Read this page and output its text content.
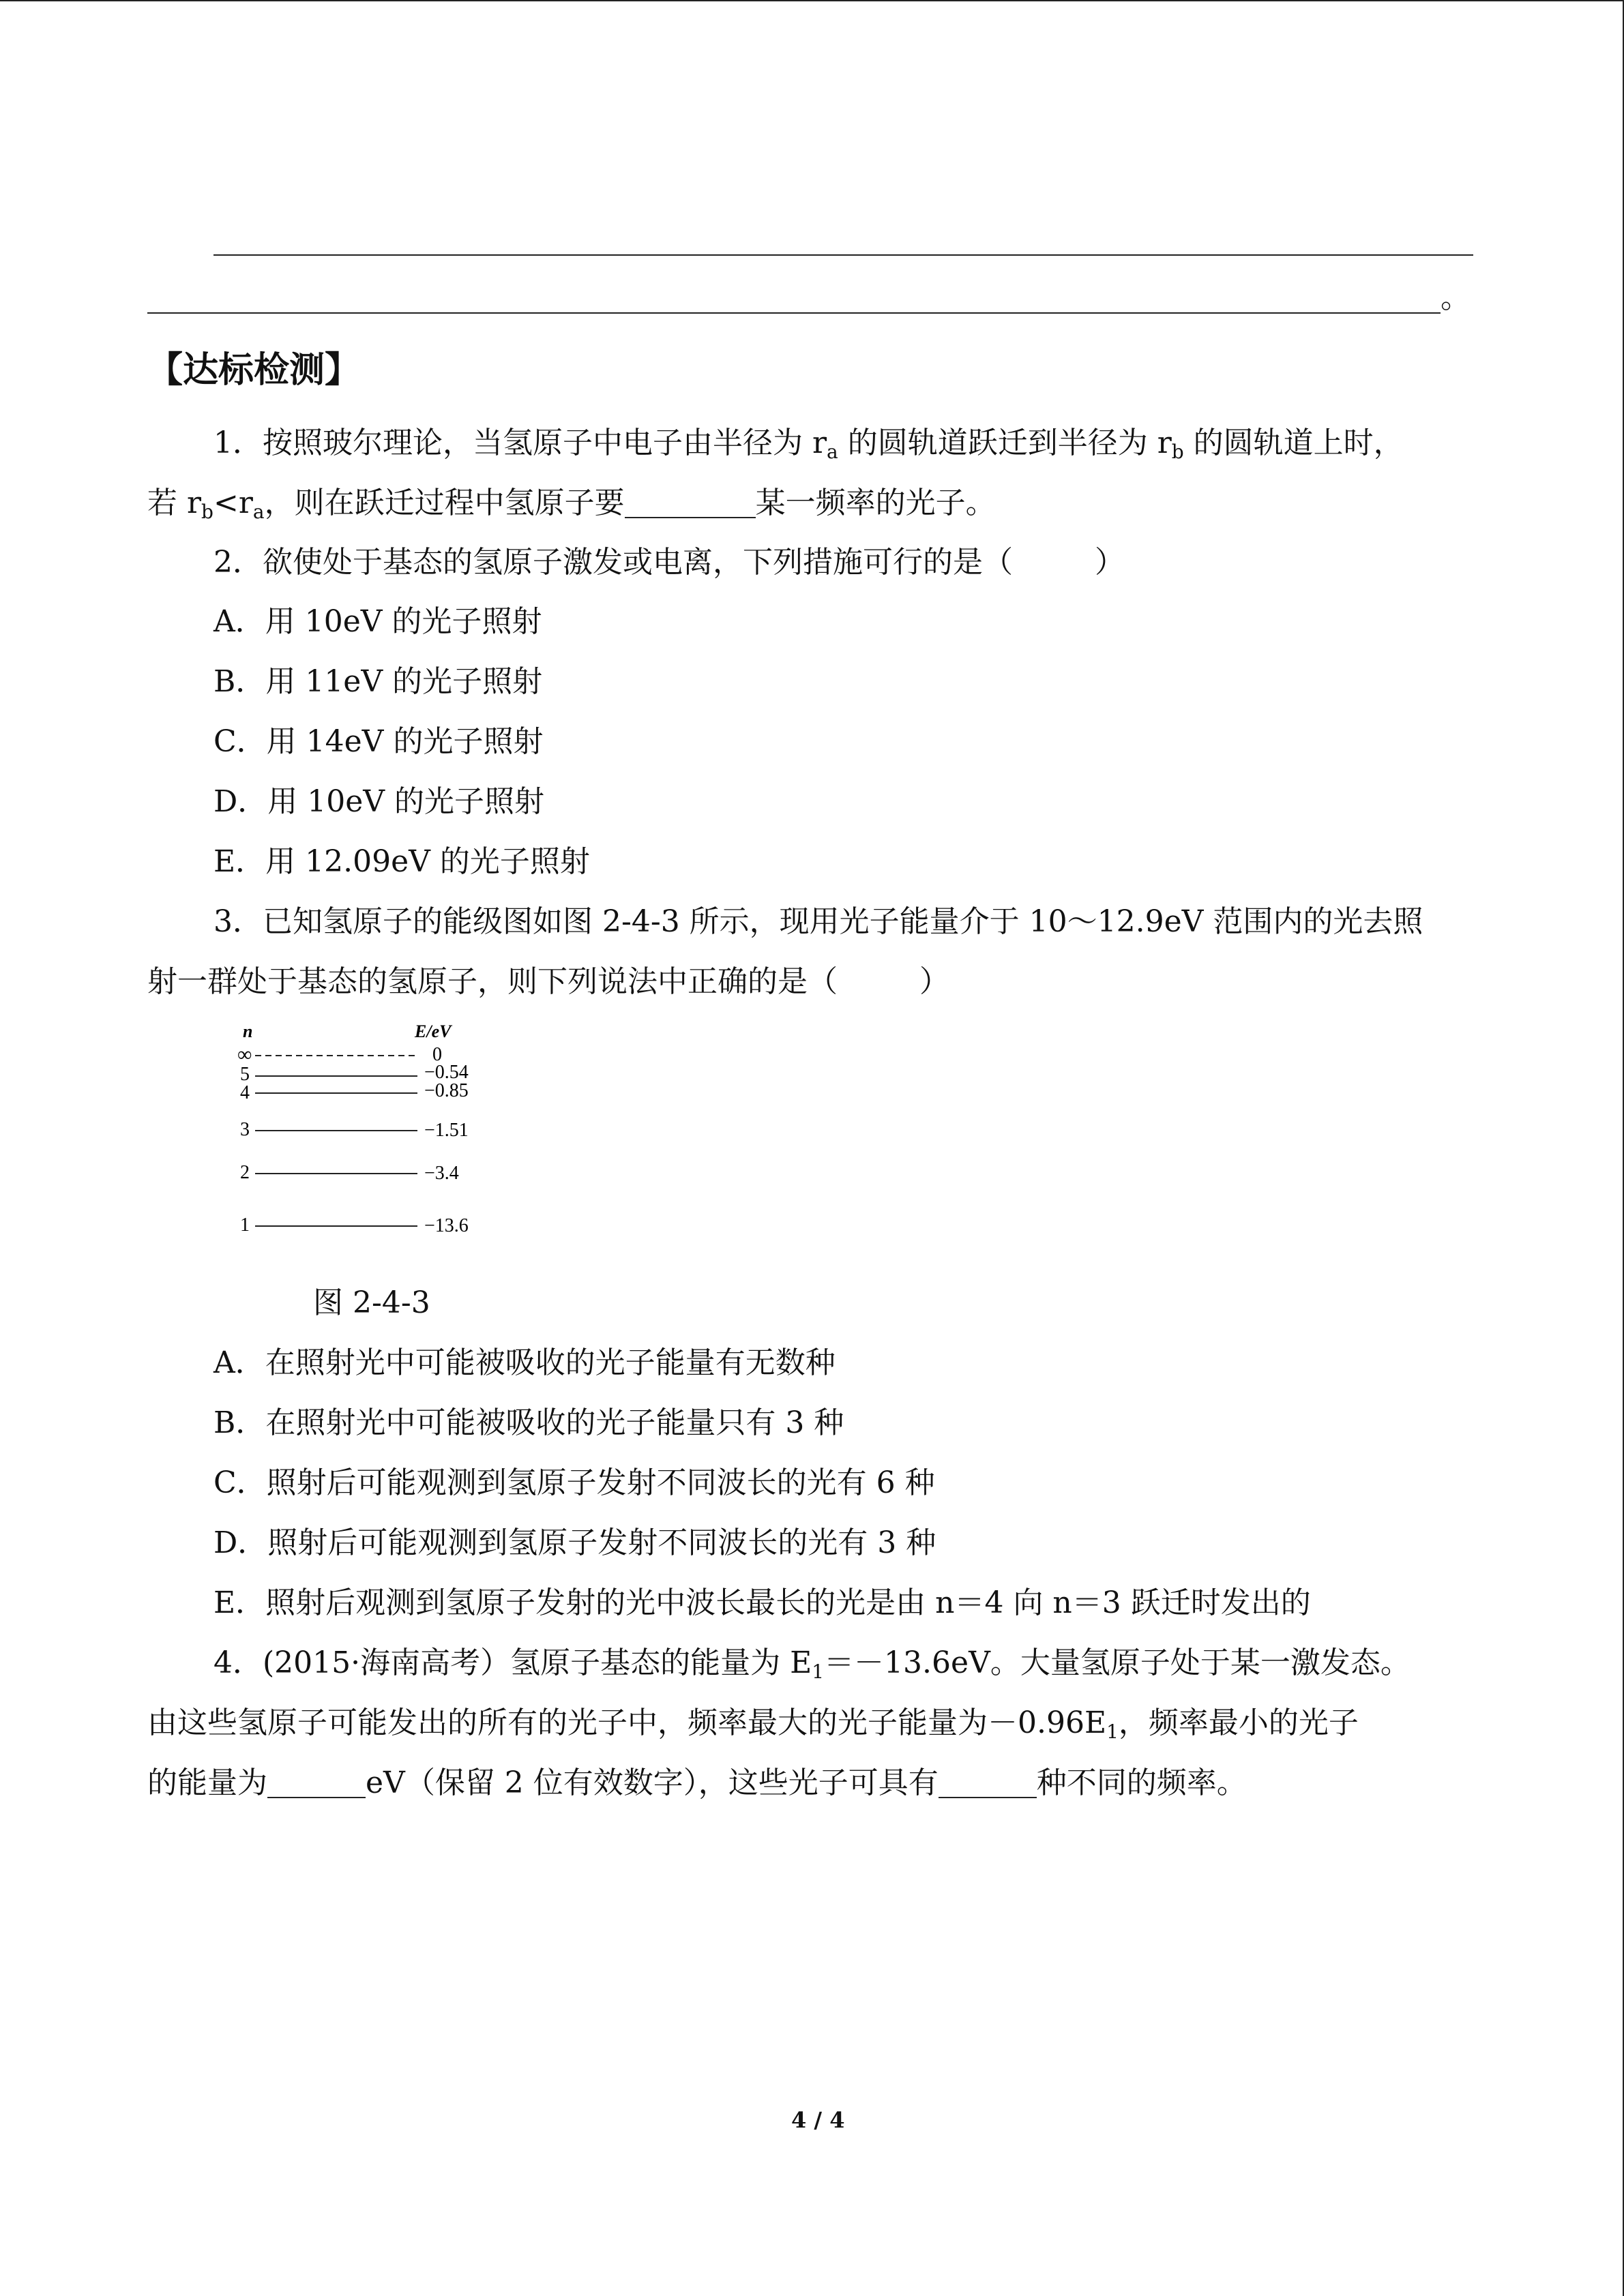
。
【达标检测】
1．按照玻尔理论，当氢原子中电子由半径为 $r_a$ 的圆轨道跃迁到半径为 $r_b$ 的圆轨道上时，
若 $r_b<r_a$，则在跃迁过程中氢原子要	某一频率的光子。
2．欲使处于基态的氢原子激发或电离，下列措施可行的是（	）
A．用 10eV 的光子照射
B．用 11eV 的光子照射
C．用 14eV 的光子照射
D．用 10eV 的光子照射
E．用 12.09eV 的光子照射
3．已知氢原子的能级图如图 2-4-3 所示，现用光子能量介于 10～12.9eV 范围内的光去照
射一群处于基态的氢原子，则下列说法中正确的是（	）
n	E/eV
∞	0
5	−0.54
4	−0.85
3	−1.51
2	−3.4
1	−13.6
图 2-4-3
A．在照射光中可能被吸收的光子能量有无数种
B．在照射光中可能被吸收的光子能量只有 3 种
C．照射后可能观测到氢原子发射不同波长的光有 6 种
D．照射后可能观测到氢原子发射不同波长的光有 3 种
E．照射后观测到氢原子发射的光中波长最长的光是由 n＝4 向 n＝3 跃迁时发出的
4．(2015·海南高考）氢原子基态的能量为 $E_1=-13.6eV$。大量氢原子处于某一激发态。
由这些氢原子可能发出的所有的光子中，频率最大的光子能量为$-0.96E_1$，频率最小的光子
的能量为	eV（保留 2 位有效数字），这些光子可具有	种不同的频率。
4 / 4
